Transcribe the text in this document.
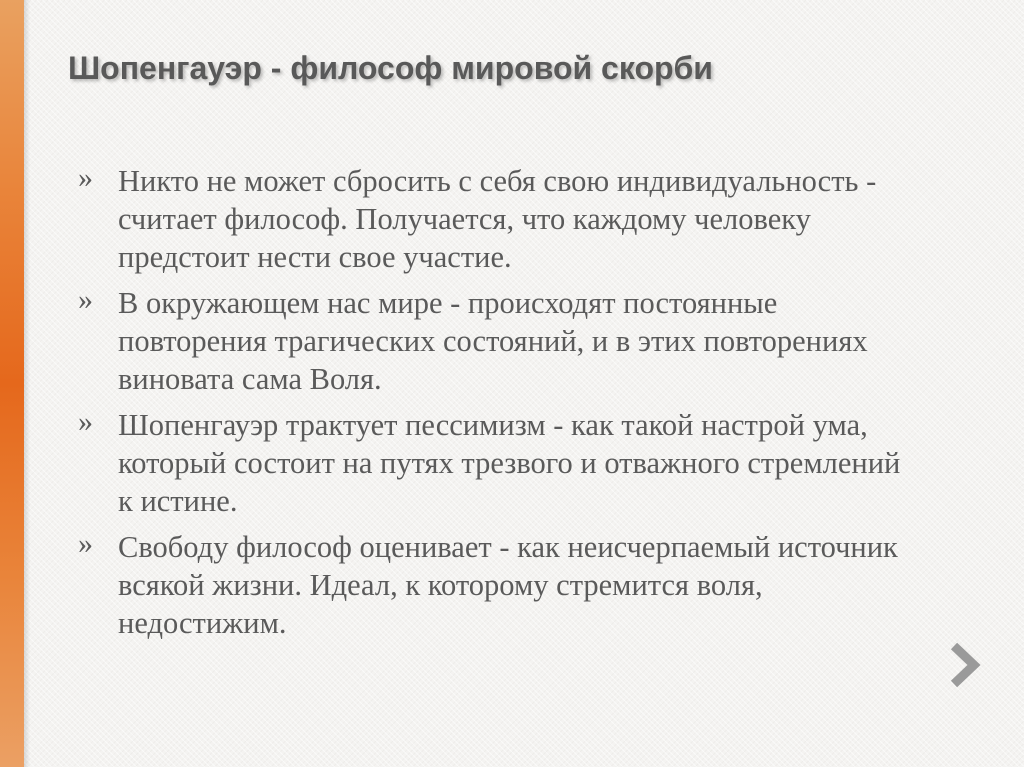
Шопенгауэр - философ мировой скорби
» Никто не может сбросить с себя свою индивидуальность - считает философ. Получается, что каждому человеку предстоит нести свое участие.
» В окружающем нас мире - происходят постоянные повторения трагических состояний, и в этих повторениях виновата сама Воля.
» Шопенгауэр трактует пессимизм - как такой настрой ума, который состоит на путях трезвого и отважного стремлений к истине.
» Свободу философ оценивает - как неисчерпаемый источник всякой жизни. Идеал, к которому стремится воля, недостижим.
